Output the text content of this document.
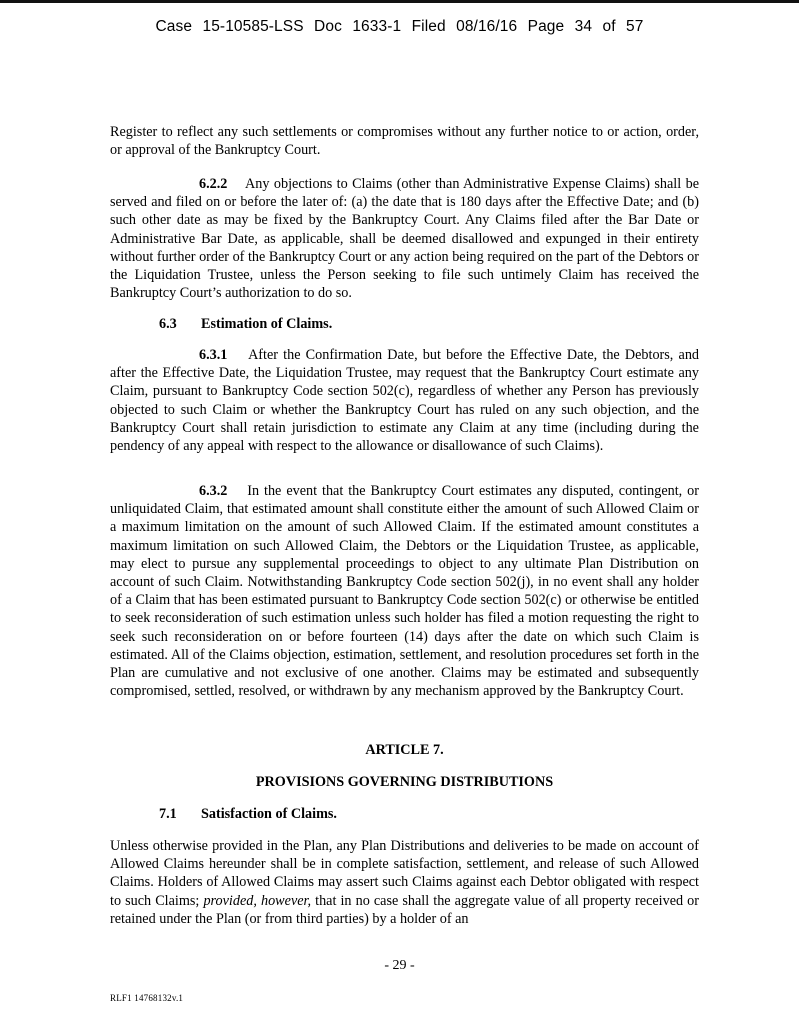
Case 15-10585-LSS Doc 1633-1 Filed 08/16/16 Page 34 of 57

Register to reflect any such settlements or compromises without any further notice to or action, order, or approval of the Bankruptcy Court.

6.2.2 Any objections to Claims (other than Administrative Expense Claims) shall be served and filed on or before the later of: (a) the date that is 180 days after the Effective Date; and (b) such other date as may be fixed by the Bankruptcy Court. Any Claims filed after the Bar Date or Administrative Bar Date, as applicable, shall be deemed disallowed and expunged in their entirety without further order of the Bankruptcy Court or any action being required on the part of the Debtors or the Liquidation Trustee, unless the Person seeking to file such untimely Claim has received the Bankruptcy Court’s authorization to do so.

6.3 Estimation of Claims.

6.3.1 After the Confirmation Date, but before the Effective Date, the Debtors, and after the Effective Date, the Liquidation Trustee, may request that the Bankruptcy Court estimate any Claim, pursuant to Bankruptcy Code section 502(c), regardless of whether any Person has previously objected to such Claim or whether the Bankruptcy Court has ruled on any such objection, and the Bankruptcy Court shall retain jurisdiction to estimate any Claim at any time (including during the pendency of any appeal with respect to the allowance or disallowance of such Claims).

6.3.2 In the event that the Bankruptcy Court estimates any disputed, contingent, or unliquidated Claim, that estimated amount shall constitute either the amount of such Allowed Claim or a maximum limitation on the amount of such Allowed Claim. If the estimated amount constitutes a maximum limitation on such Allowed Claim, the Debtors or the Liquidation Trustee, as applicable, may elect to pursue any supplemental proceedings to object to any ultimate Plan Distribution on account of such Claim. Notwithstanding Bankruptcy Code section 502(j), in no event shall any holder of a Claim that has been estimated pursuant to Bankruptcy Code section 502(c) or otherwise be entitled to seek reconsideration of such estimation unless such holder has filed a motion requesting the right to seek such reconsideration on or before fourteen (14) days after the date on which such Claim is estimated. All of the Claims objection, estimation, settlement, and resolution procedures set forth in the Plan are cumulative and not exclusive of one another. Claims may be estimated and subsequently compromised, settled, resolved, or withdrawn by any mechanism approved by the Bankruptcy Court.

ARTICLE 7.
PROVISIONS GOVERNING DISTRIBUTIONS
7.1 Satisfaction of Claims.

Unless otherwise provided in the Plan, any Plan Distributions and deliveries to be made on account of Allowed Claims hereunder shall be in complete satisfaction, settlement, and release of such Allowed Claims. Holders of Allowed Claims may assert such Claims against each Debtor obligated with respect to such Claims; provided, however, that in no case shall the aggregate value of all property received or retained under the Plan (or from third parties) by a holder of an

- 29 -
RLF1 14768132v.1
